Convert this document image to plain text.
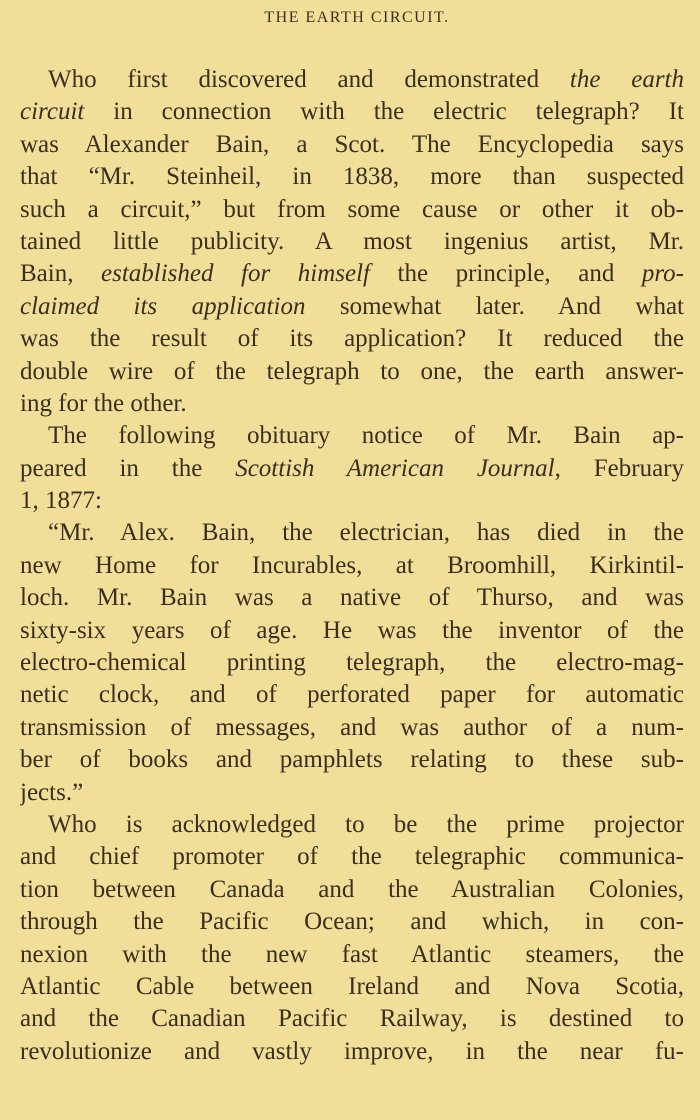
THE EARTH CIRCUIT.
Who first discovered and demonstrated the earth
circuit in connection with the electric telegraph? It
was Alexander Bain, a Scot. The Encyclopedia says
that “Mr. Steinheil, in 1838, more than suspected
such a circuit,” but from some cause or other it ob-
tained little publicity. A most ingenius artist, Mr.
Bain, established for himself the principle, and pro-
claimed its application somewhat later. And what
was the result of its application? It reduced the
double wire of the telegraph to one, the earth answer-
ing for the other.
The following obituary notice of Mr. Bain ap-
peared in the Scottish American Journal, February
1, 1877:
“Mr. Alex. Bain, the electrician, has died in the
new Home for Incurables, at Broomhill, Kirkintil-
loch. Mr. Bain was a native of Thurso, and was
sixty-six years of age. He was the inventor of the
electro-chemical printing telegraph, the electro-mag-
netic clock, and of perforated paper for automatic
transmission of messages, and was author of a num-
ber of books and pamphlets relating to these sub-
jects.”
Who is acknowledged to be the prime projector
and chief promoter of the telegraphic communica-
tion between Canada and the Australian Colonies,
through the Pacific Ocean; and which, in con-
nexion with the new fast Atlantic steamers, the
Atlantic Cable between Ireland and Nova Scotia,
and the Canadian Pacific Railway, is destined to
revolutionize and vastly improve, in the near fu-
